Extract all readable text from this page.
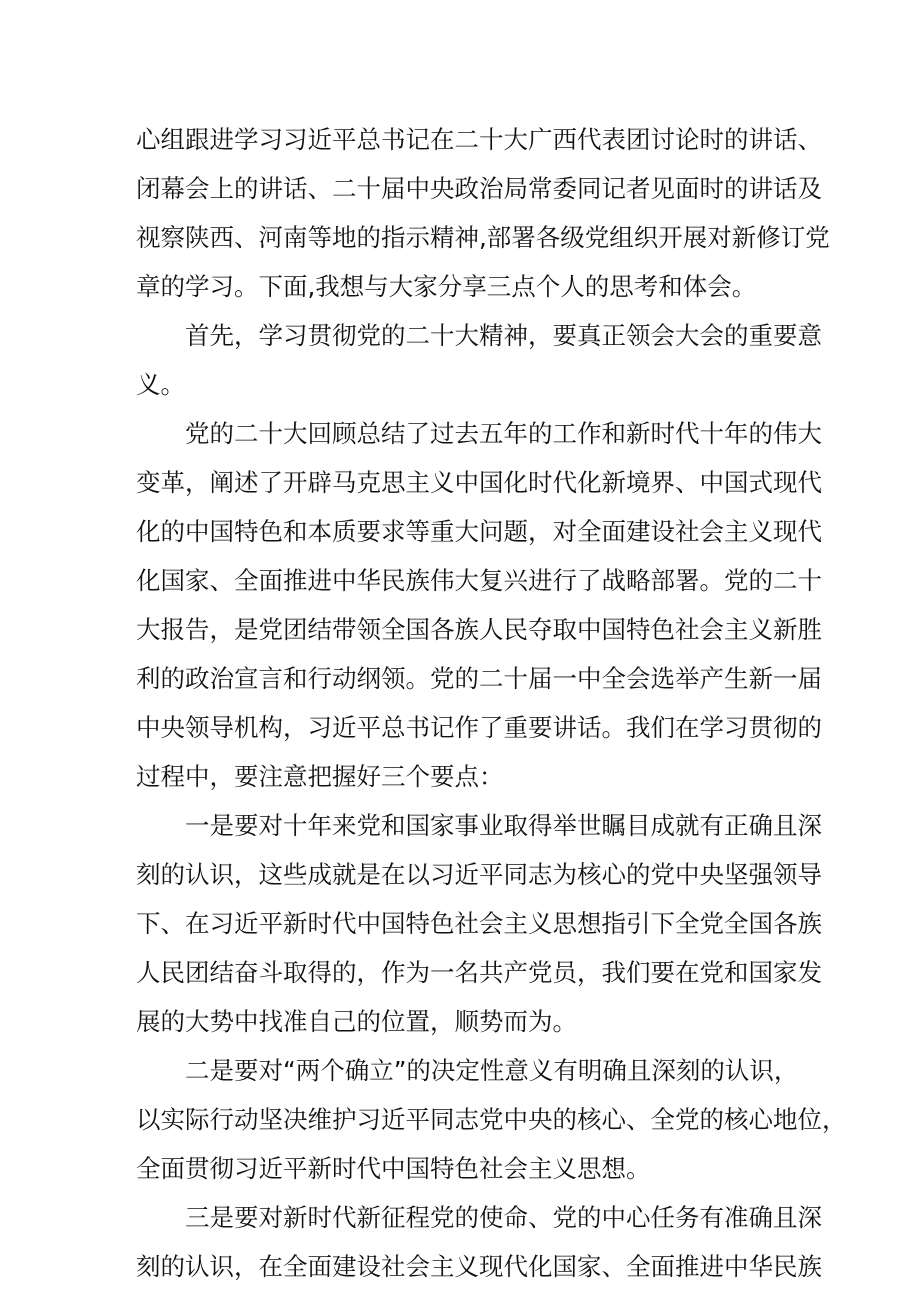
心组跟进学习习近平总书记在二十大广西代表团讨论时的讲话、
闭幕会上的讲话、二十届中央政治局常委同记者见面时的讲话及
视察陕西、河南等地的指示精神,部署各级党组织开展对新修订党
章的学习。下面,我想与大家分享三点个人的思考和体会。
首先，学习贯彻党的二十大精神，要真正领会大会的重要意
义。
党的二十大回顾总结了过去五年的工作和新时代十年的伟大
变革，阐述了开辟马克思主义中国化时代化新境界、中国式现代
化的中国特色和本质要求等重大问题，对全面建设社会主义现代
化国家、全面推进中华民族伟大复兴进行了战略部署。党的二十
大报告，是党团结带领全国各族人民夺取中国特色社会主义新胜
利的政治宣言和行动纲领。党的二十届一中全会选举产生新一届
中央领导机构，习近平总书记作了重要讲话。我们在学习贯彻的
过程中，要注意把握好三个要点：
一是要对十年来党和国家事业取得举世瞩目成就有正确且深
刻的认识，这些成就是在以习近平同志为核心的党中央坚强领导
下、在习近平新时代中国特色社会主义思想指引下全党全国各族
人民团结奋斗取得的，作为一名共产党员，我们要在党和国家发
展的大势中找准自己的位置，顺势而为。
二是要对“两个确立”的决定性意义有明确且深刻的认识，
以实际行动坚决维护习近平同志党中央的核心、全党的核心地位，
全面贯彻习近平新时代中国特色社会主义思想。
三是要对新时代新征程党的使命、党的中心任务有准确且深
刻的认识，在全面建设社会主义现代化国家、全面推进中华民族
